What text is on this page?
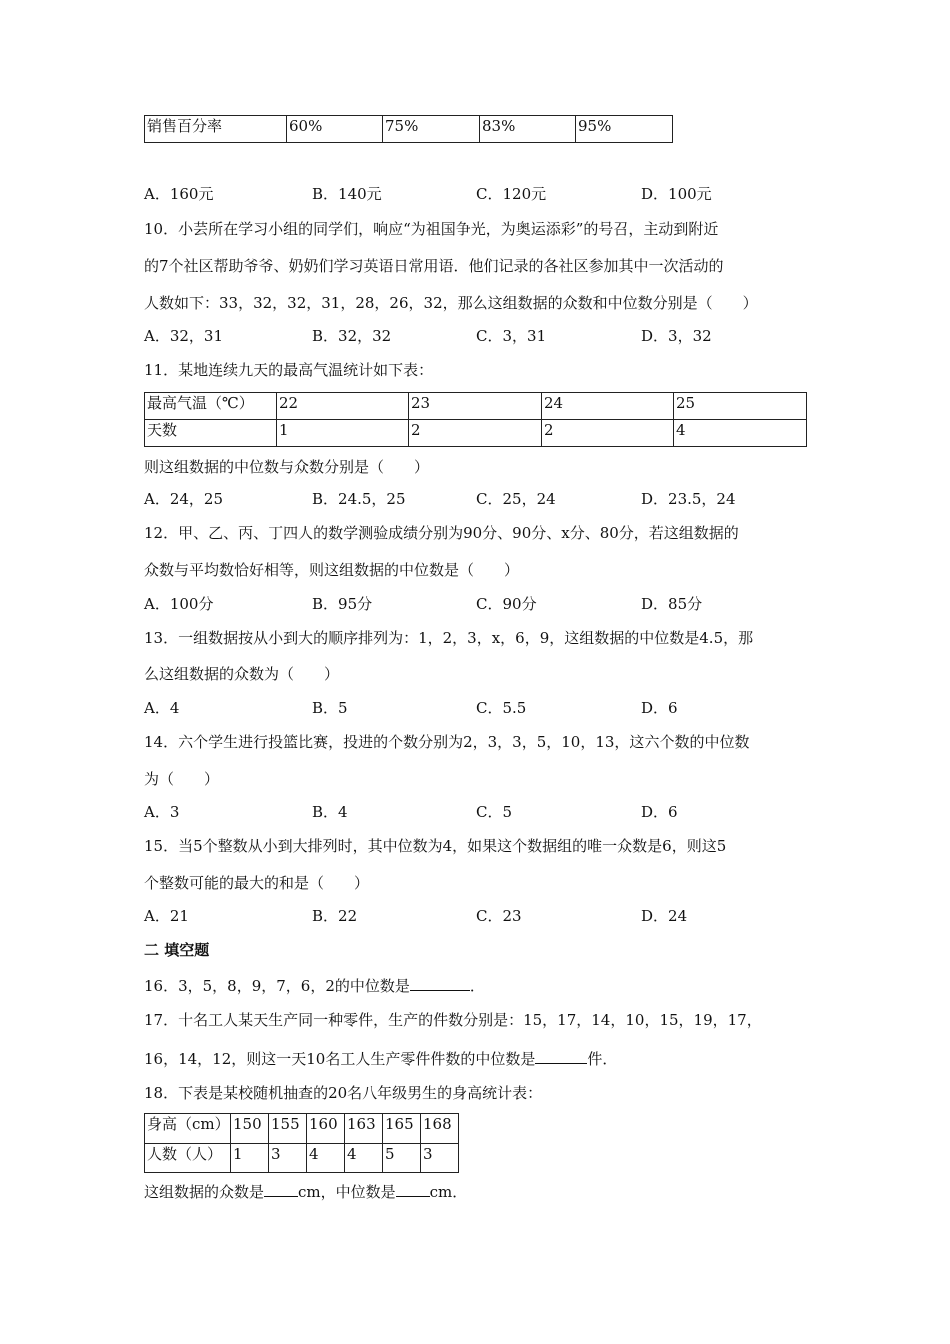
销售百分率	60%	75%	83%	95%
A．160元	B．140元	C．120元	D．100元
10．小芸所在学习小组的同学们，响应“为祖国争光，为奥运添彩”的号召，主动到附近
的7个社区帮助爷爷、奶奶们学习英语日常用语．他们记录的各社区参加其中一次活动的
人数如下：33，32，32，31，28，26，32，那么这组数据的众数和中位数分别是（　　）
A．32，31	B．32，32	C．3，31	D．3，32
11．某地连续九天的最高气温统计如下表：
最高气温（℃）	22	23	24	25
天数	1	2	2	4
则这组数据的中位数与众数分别是（　　）
A．24，25	B．24.5，25	C．25，24	D．23.5，24
12．甲、乙、丙、丁四人的数学测验成绩分别为90分、90分、x分、80分，若这组数据的
众数与平均数恰好相等，则这组数据的中位数是（　　）
A．100分	B．95分	C．90分	D．85分
13．一组数据按从小到大的顺序排列为：1，2，3，x，6，9，这组数据的中位数是4.5，那
么这组数据的众数为（　　）
A．4	B．5	C．5.5	D．6
14．六个学生进行投篮比赛，投进的个数分别为2，3，3，5，10，13，这六个数的中位数
为（　　）
A．3	B．4	C．5	D．6
15．当5个整数从小到大排列时，其中位数为4，如果这个数据组的唯一众数是6，则这5
个整数可能的最大的和是（　　）
A．21	B．22	C．23	D．24
二 填空题
16．3，5，8，9，7，6，2的中位数是	．
17．十名工人某天生产同一种零件，生产的件数分别是：15，17，14，10，15，19，17，
16，14，12，则这一天10名工人生产零件件数的中位数是	件．
18．下表是某校随机抽查的20名八年级男生的身高统计表：
身高（cm）	150	155	160	163	165	168
人数（人）	1	3	4	4	5	3
这组数据的众数是 cm，中位数是 cm．
